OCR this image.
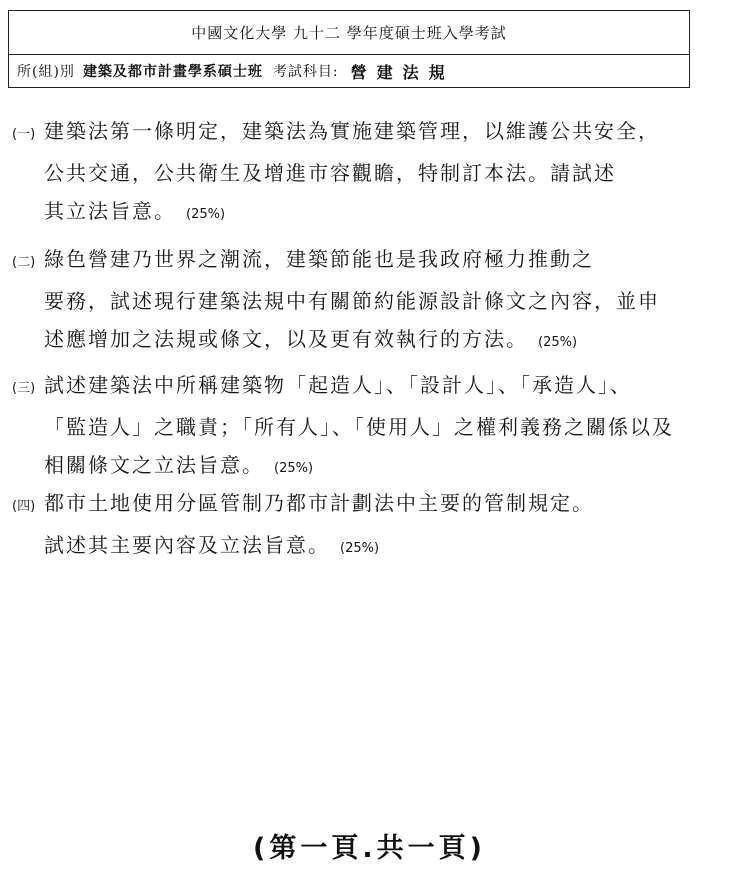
中國文化大學 九十二 學年度碩士班入學考試
所(組)別 建築及都市計畫學系碩士班 考試科目: 營建法規
(一) 建築法第一條明定，建築法為實施建築管理，以維護公共安全，
公共交通，公共衛生及增進市容觀瞻，特制訂本法。請試述
其立法旨意。 (25%)
(二) 綠色營建乃世界之潮流，建築節能也是我政府極力推動之
要務，試述現行建築法規中有關節約能源設計條文之內容，並申
述應增加之法規或條文，以及更有效執行的方法。 (25%)
(三) 試述建築法中所稱建築物「起造人」、「設計人」、「承造人」、
「監造人」之職責；「所有人」、「使用人」之權利義務之關係以及
相關條文之立法旨意。 (25%)
(四) 都市土地使用分區管制乃都市計劃法中主要的管制規定。
試述其主要內容及立法旨意。 (25%)
(第一頁.共一頁)
